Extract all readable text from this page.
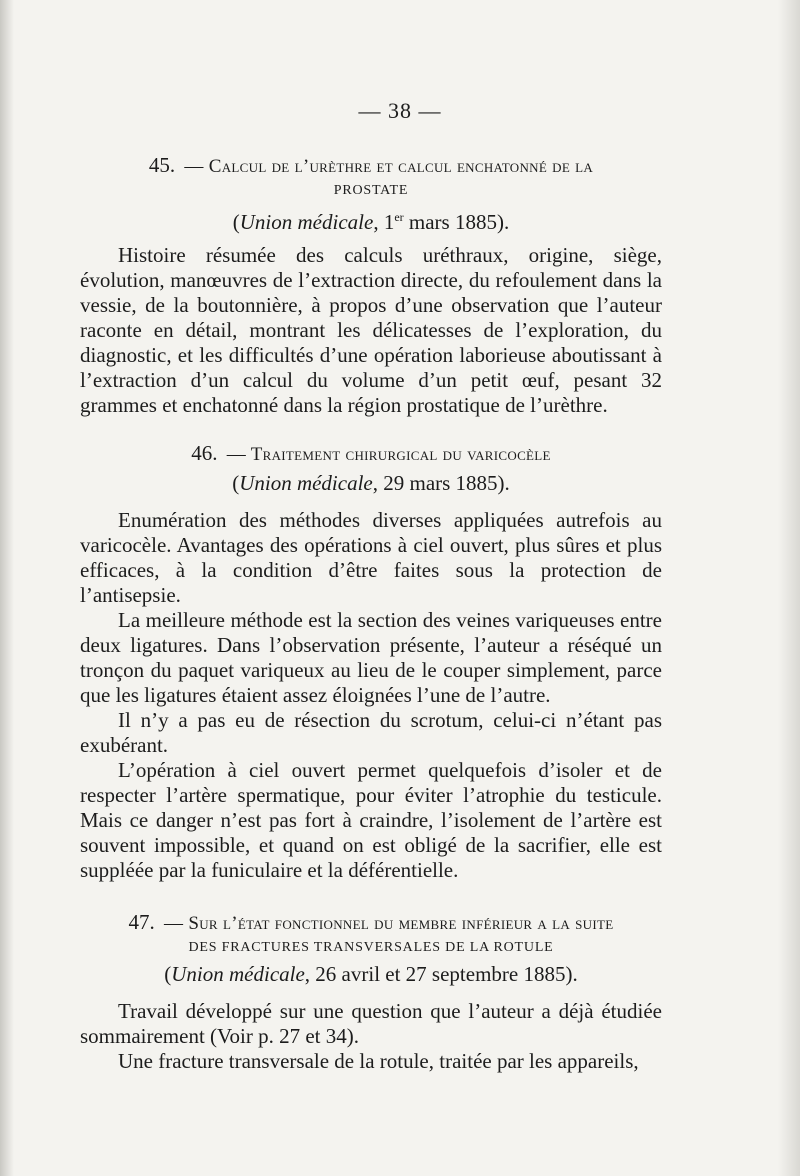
— 38 —

45. — Calcul de l’urèthre et calcul enchatonné de la

PROSTATE

(Union médicale, 1er mars 1885).

Histoire résumée des calculs uréthraux, origine, siège, évolution, manœuvres de l’extraction directe, du refoulement dans la vessie, de la boutonnière, à propos d’une observation que l’auteur raconte en détail, montrant les délicatesses de l’exploration, du diagnostic, et les difficultés d’une opération laborieuse aboutissant à l’extraction d’un calcul du volume d’un petit œuf, pesant 32 grammes et enchatonné dans la région prostatique de l’urèthre.

46. — Traitement chirurgical du varicocèle

(Union médicale, 29 mars 1885).

Enumération des méthodes diverses appliquées autrefois au varicocèle. Avantages des opérations à ciel ouvert, plus sûres et plus efficaces, à la condition d’être faites sous la protection de l’antisepsie.

La meilleure méthode est la section des veines variqueuses entre deux ligatures. Dans l’observation présente, l’auteur a réséqué un tronçon du paquet variqueux au lieu de le couper simplement, parce que les ligatures étaient assez éloignées l’une de l’autre.

Il n’y a pas eu de résection du scrotum, celui-ci n’étant pas exubérant.

L’opération à ciel ouvert permet quelquefois d’isoler et de respecter l’artère spermatique, pour éviter l’atrophie du testicule. Mais ce danger n’est pas fort à craindre, l’isolement de l’artère est souvent impossible, et quand on est obligé de la sacrifier, elle est suppléée par la funiculaire et la déférentielle.

47. — Sur l’état fonctionnel du membre inférieur a la suite

DES FRACTURES TRANSVERSALES DE LA ROTULE

(Union médicale, 26 avril et 27 septembre 1885).

Travail développé sur une question que l’auteur a déjà étudiée sommairement (Voir p. 27 et 34).

Une fracture transversale de la rotule, traitée par les appareils,
